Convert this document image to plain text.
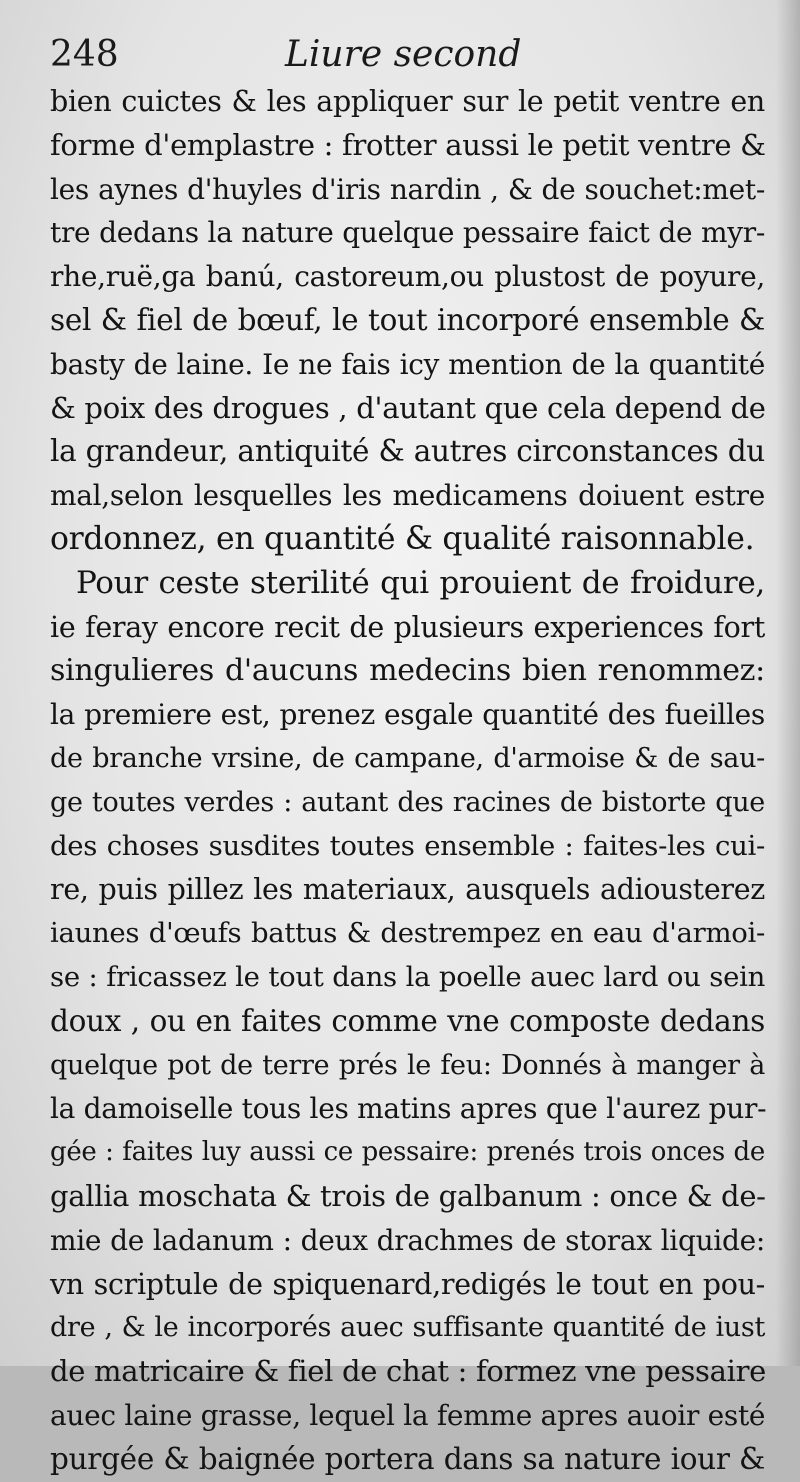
248	Liure second
bien cuictes & les appliquer sur le petit ventre en
forme d'emplastre : frotter aussi le petit ventre &
les aynes d'huyles d'iris nardin , & de souchet:met-
tre dedans la nature quelque pessaire faict de myr-
rhe,ruë,ga banú, castoreum,ou plustost de poyure,
sel & fiel de bœuf, le tout incorporé ensemble &
basty de laine. Ie ne fais icy mention de la quantité
& poix des drogues , d'autant que cela depend de
la grandeur, antiquité & autres circonstances du
mal,selon lesquelles les medicamens doiuent estre
ordonnez, en quantité & qualité raisonnable.
Pour ceste sterilité qui prouient de froidure,
ie feray encore recit de plusieurs experiences fort
singulieres d'aucuns medecins bien renommez:
la premiere est, prenez esgale quantité des fueilles
de branche vrsine, de campane, d'armoise & de sau-
ge toutes verdes : autant des racines de bistorte que
des choses susdites toutes ensemble : faites-les cui-
re, puis pillez les materiaux, ausquels adiousterez
iaunes d'œufs battus & destrempez en eau d'armoi-
se : fricassez le tout dans la poelle auec lard ou sein
doux , ou en faites comme vne composte dedans
quelque pot de terre prés le feu: Donnés à manger à
la damoiselle tous les matins apres que l'aurez pur-
gée : faites luy aussi ce pessaire: prenés trois onces de
gallia moschata & trois de galbanum : once & de-
mie de ladanum : deux drachmes de storax liquide:
vn scriptule de spiquenard,redigés le tout en pou-
dre , & le incorporés auec suffisante quantité de iust
de matricaire & fiel de chat : formez vne pessaire
auec laine grasse, lequel la femme apres auoir esté
purgée & baignée portera dans sa nature iour &
